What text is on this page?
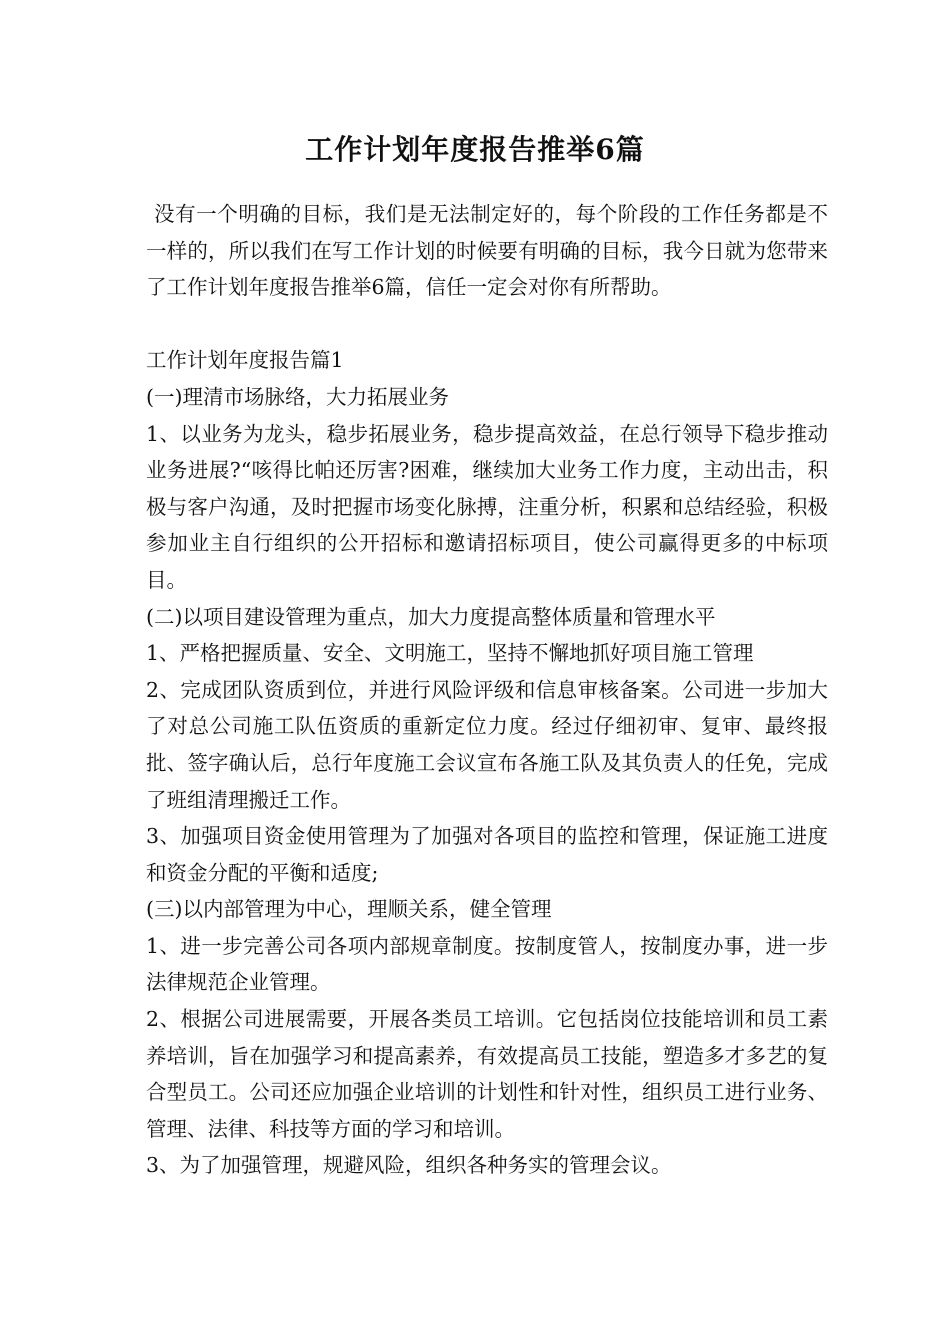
工作计划年度报告推举6篇

没有一个明确的目标，我们是无法制定好的，每个阶段的工作任务都是不一样的，所以我们在写工作计划的时候要有明确的目标，我今日就为您带来了工作计划年度报告推举6篇，信任一定会对你有所帮助。

工作计划年度报告篇1

(一)理清市场脉络，大力拓展业务

1、以业务为龙头，稳步拓展业务，稳步提高效益，在总行领导下稳步推动业务进展?“咳得比帕还厉害?困难，继续加大业务工作力度，主动出击，积极与客户沟通，及时把握市场变化脉搏，注重分析，积累和总结经验，积极参加业主自行组织的公开招标和邀请招标项目，使公司赢得更多的中标项目。

(二)以项目建设管理为重点，加大力度提高整体质量和管理水平

1、严格把握质量、安全、文明施工，坚持不懈地抓好项目施工管理

2、完成团队资质到位，并进行风险评级和信息审核备案。公司进一步加大了对总公司施工队伍资质的重新定位力度。经过仔细初审、复审、最终报批、签字确认后，总行年度施工会议宣布各施工队及其负责人的任免，完成了班组清理搬迁工作。

3、加强项目资金使用管理为了加强对各项目的监控和管理，保证施工进度和资金分配的平衡和适度;

(三)以内部管理为中心，理顺关系，健全管理

1、进一步完善公司各项内部规章制度。按制度管人，按制度办事，进一步法律规范企业管理。

2、根据公司进展需要，开展各类员工培训。它包括岗位技能培训和员工素养培训，旨在加强学习和提高素养，有效提高员工技能，塑造多才多艺的复合型员工。公司还应加强企业培训的计划性和针对性，组织员工进行业务、管理、法律、科技等方面的学习和培训。

3、为了加强管理，规避风险，组织各种务实的管理会议。
